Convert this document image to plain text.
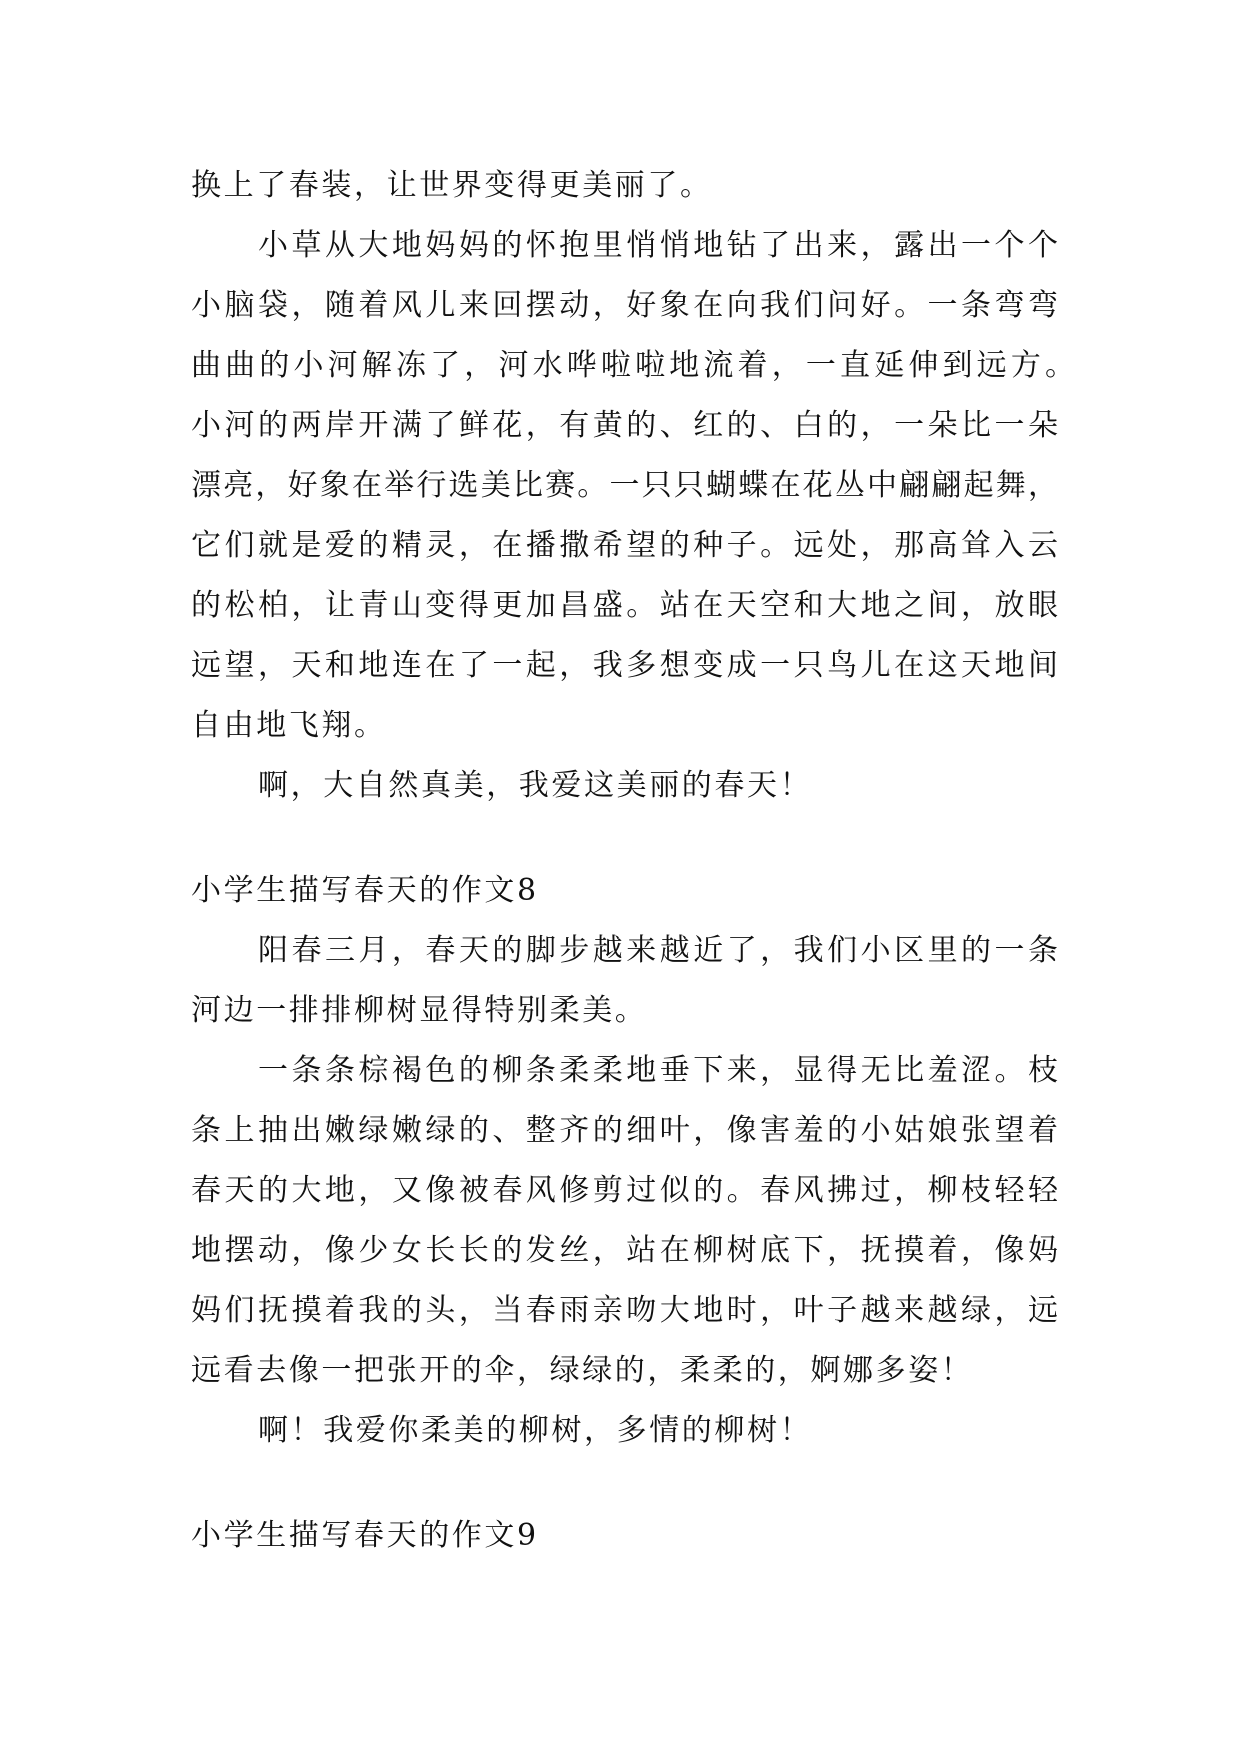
换上了春装，让世界变得更美丽了。
小草从大地妈妈的怀抱里悄悄地钻了出来，露出一个个
小脑袋，随着风儿来回摆动，好象在向我们问好。一条弯弯
曲曲的小河解冻了，河水哗啦啦地流着，一直延伸到远方。
小河的两岸开满了鲜花，有黄的、红的、白的，一朵比一朵
漂亮，好象在举行选美比赛。一只只蝴蝶在花丛中翩翩起舞，
它们就是爱的精灵，在播撒希望的种子。远处，那高耸入云
的松柏，让青山变得更加昌盛。站在天空和大地之间，放眼
远望，天和地连在了一起，我多想变成一只鸟儿在这天地间
自由地飞翔。
啊，大自然真美，我爱这美丽的春天！
小学生描写春天的作文8
阳春三月，春天的脚步越来越近了，我们小区里的一条
河边一排排柳树显得特别柔美。
一条条棕褐色的柳条柔柔地垂下来，显得无比羞涩。枝
条上抽出嫩绿嫩绿的、整齐的细叶，像害羞的小姑娘张望着
春天的大地，又像被春风修剪过似的。春风拂过，柳枝轻轻
地摆动，像少女长长的发丝，站在柳树底下，抚摸着，像妈
妈们抚摸着我的头，当春雨亲吻大地时，叶子越来越绿，远
远看去像一把张开的伞，绿绿的，柔柔的，婀娜多姿！
啊！我爱你柔美的柳树，多情的柳树！
小学生描写春天的作文9
